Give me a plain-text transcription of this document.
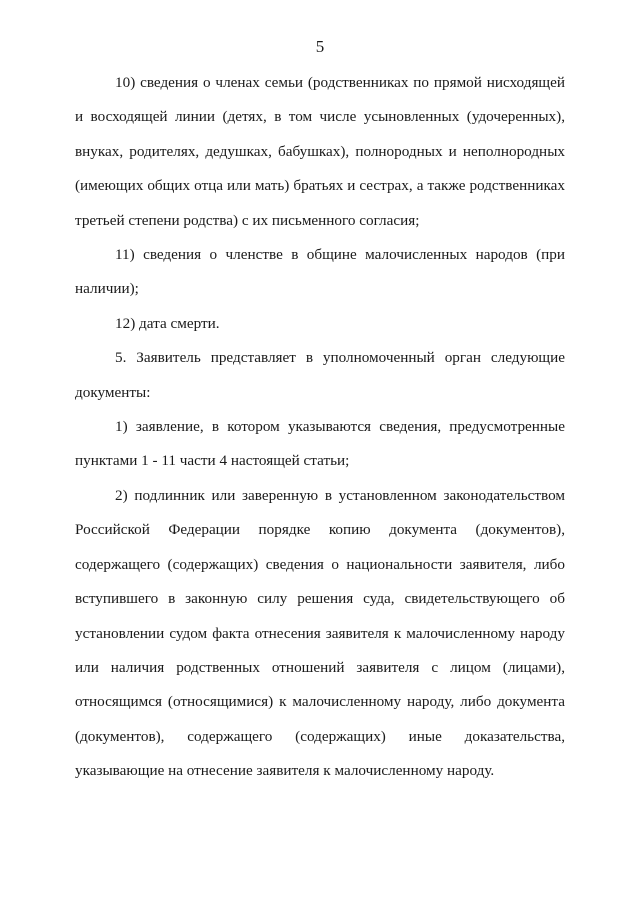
5

10) сведения о членах семьи (родственниках по прямой нисходящей и восходящей линии (детях, в том числе усыновленных (удочеренных), внуках, родителях, дедушках, бабушках), полнородных и неполнородных (имеющих общих отца или мать) братьях и сестрах, а также родственниках третьей степени родства) с их письменного согласия;

11) сведения о членстве в общине малочисленных народов (при наличии);

12) дата смерти.

5. Заявитель представляет в уполномоченный орган следующие документы:

1) заявление, в котором указываются сведения, предусмотренные пунктами 1 - 11 части 4 настоящей статьи;

2) подлинник или заверенную в установленном законодательством Российской Федерации порядке копию документа (документов), содержащего (содержащих) сведения о национальности заявителя, либо вступившего в законную силу решения суда, свидетельствующего об установлении судом факта отнесения заявителя к малочисленному народу или наличия родственных отношений заявителя с лицом (лицами), относящимся (относящимися) к малочисленному народу, либо документа (документов), содержащего (содержащих) иные доказательства, указывающие на отнесение заявителя к малочисленному народу.
